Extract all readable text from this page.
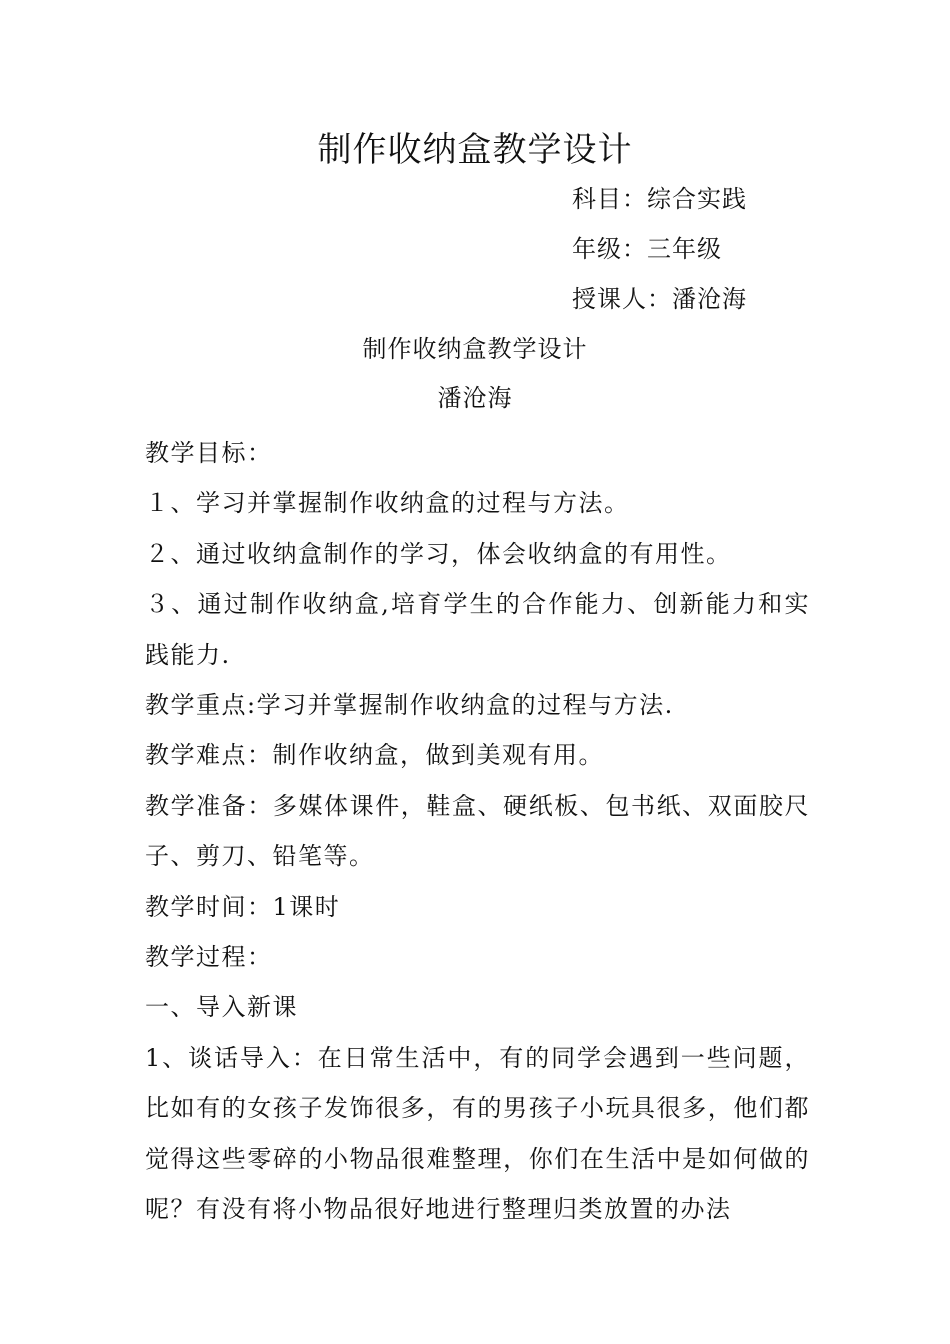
制作收纳盒教学设计
科目：综合实践
年级：三年级
授课人：潘沧海
制作收纳盒教学设计
潘沧海

教学目标：

１、学习并掌握制作收纳盒的过程与方法。

２、通过收纳盒制作的学习，体会收纳盒的有用性。

３、通过制作收纳盒,培育学生的合作能力、创新能力和实践能力.

教学重点:学习并掌握制作收纳盒的过程与方法.

教学难点：制作收纳盒，做到美观有用。

教学准备：多媒体课件，鞋盒、硬纸板、包书纸、双面胶尺子、剪刀、铅笔等。

教学时间：1课时

教学过程：

一、导入新课

1、谈话导入：在日常生活中，有的同学会遇到一些问题，比如有的女孩子发饰很多，有的男孩子小玩具很多，他们都觉得这些零碎的小物品很难整理，你们在生活中是如何做的呢？有没有将小物品很好地进行整理归类放置的办法
